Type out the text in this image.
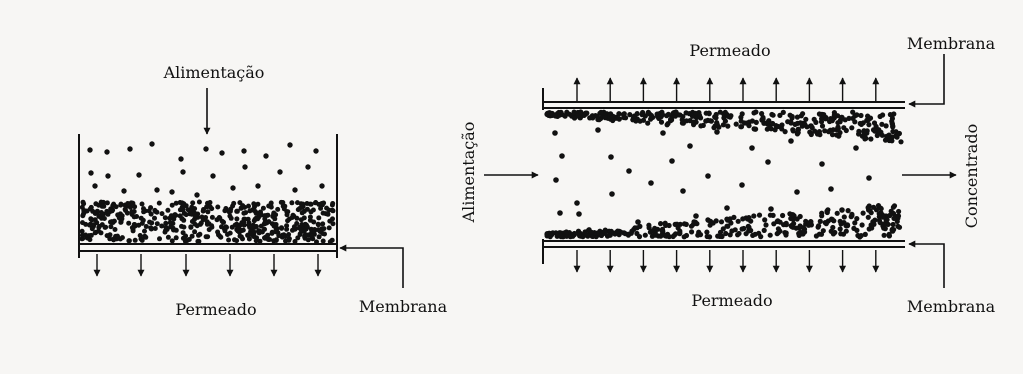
Alimentação
Permeado	Membrana
Permeado	Membrana
Alimentação	Concentrado
Permeado	Membrana
